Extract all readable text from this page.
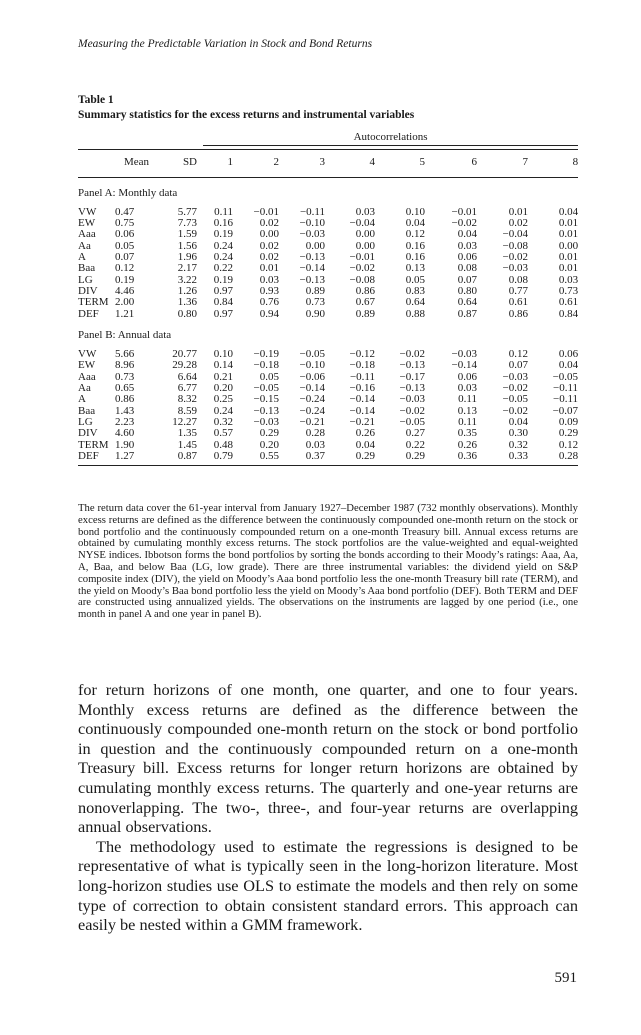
Measuring the Predictable Variation in Stock and Bond Returns
Table 1
Summary statistics for the excess returns and instrumental variables

			Autocorrelations							

	Mean	SD	1	2	3	4	5	6	7	8
Panel A: Monthly data										
VW	0.47	5.77	0.11	−0.01	−0.11	0.03	0.10	−0.01	0.01	0.04
EW	0.75	7.73	0.16	0.02	−0.10	−0.04	0.04	−0.02	0.02	0.01
Aaa	0.06	1.59	0.19	0.00	−0.03	0.00	0.12	0.04	−0.04	0.01
Aa	0.05	1.56	0.24	0.02	0.00	0.00	0.16	0.03	−0.08	0.00
A	0.07	1.96	0.24	0.02	−0.13	−0.01	0.16	0.06	−0.02	0.01
Baa	0.12	2.17	0.22	0.01	−0.14	−0.02	0.13	0.08	−0.03	0.01
LG	0.19	3.22	0.19	0.03	−0.13	−0.08	0.05	0.07	0.08	0.03
DIV	4.46	1.26	0.97	0.93	0.89	0.86	0.83	0.80	0.77	0.73
TERM	2.00	1.36	0.84	0.76	0.73	0.67	0.64	0.64	0.61	0.61
DEF	1.21	0.80	0.97	0.94	0.90	0.89	0.88	0.87	0.86	0.84
Panel B: Annual data										
VW	5.66	20.77	0.10	−0.19	−0.05	−0.12	−0.02	−0.03	0.12	0.06
EW	8.96	29.28	0.14	−0.18	−0.10	−0.18	−0.13	−0.14	0.07	0.04
Aaa	0.73	6.64	0.21	0.05	−0.06	−0.11	−0.17	0.06	−0.03	−0.05
Aa	0.65	6.77	0.20	−0.05	−0.14	−0.16	−0.13	0.03	−0.02	−0.11
A	0.86	8.32	0.25	−0.15	−0.24	−0.14	−0.03	0.11	−0.05	−0.11
Baa	1.43	8.59	0.24	−0.13	−0.24	−0.14	−0.02	0.13	−0.02	−0.07
LG	2.23	12.27	0.32	−0.03	−0.21	−0.21	−0.05	0.11	0.04	0.09
DIV	4.60	1.35	0.57	0.29	0.28	0.26	0.27	0.35	0.30	0.29
TERM	1.90	1.45	0.48	0.20	0.03	0.04	0.22	0.26	0.32	0.12
DEF	1.27	0.87	0.79	0.55	0.37	0.29	0.29	0.36	0.33	0.28
The return data cover the 61-year interval from January 1927–December 1987 (732 monthly observations). Monthly excess returns are defined as the difference between the continuously compounded one-month return on the stock or bond portfolio and the continuously compounded return on a one-month Treasury bill. Annual excess returns are obtained by cumulating monthly excess returns. The stock portfolios are the value-weighted and equal-weighted NYSE indices. Ibbotson forms the bond portfolios by sorting the bonds according to their Moody’s ratings: Aaa, Aa, A, Baa, and below Baa (LG, low grade). There are three instrumental variables: the dividend yield on S&P composite index (DIV), the yield on Moody’s Aaa bond portfolio less the one-month Treasury bill rate (TERM), and the yield on Moody’s Baa bond portfolio less the yield on Moody’s Aaa bond portfolio (DEF). Both TERM and DEF are constructed using annualized yields. The observations on the instruments are lagged by one period (i.e., one month in panel A and one year in panel B).

for return horizons of one month, one quarter, and one to four years. Monthly excess returns are defined as the difference between the continuously compounded one-month return on the stock or bond portfolio in question and the continuously compounded return on a one-month Treasury bill. Excess returns for longer return horizons are obtained by cumulating monthly excess returns. The quarterly and one-year returns are nonoverlapping. The two-, three-, and four-year returns are overlapping annual observations.

The methodology used to estimate the regressions is designed to be representative of what is typically seen in the long-horizon literature. Most long-horizon studies use OLS to estimate the models and then rely on some type of correction to obtain consistent standard errors. This approach can easily be nested within a GMM framework.

591
